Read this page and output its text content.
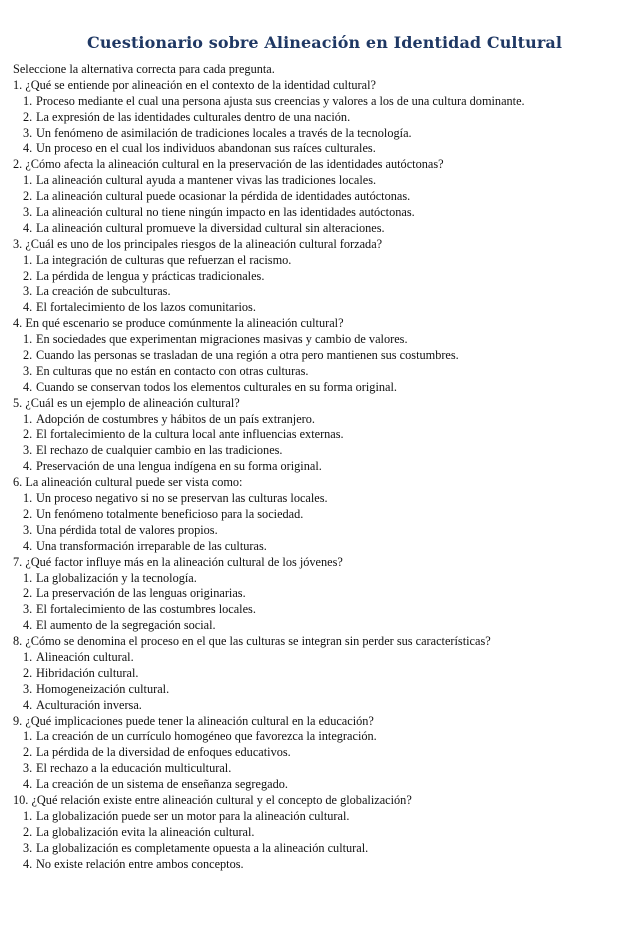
Cuestionario sobre Alineación en Identidad Cultural
Seleccione la alternativa correcta para cada pregunta.
1. ¿Qué se entiende por alineación en el contexto de la identidad cultural?
1. Proceso mediante el cual una persona ajusta sus creencias y valores a los de una cultura dominante.
2. La expresión de las identidades culturales dentro de una nación.
3. Un fenómeno de asimilación de tradiciones locales a través de la tecnología.
4. Un proceso en el cual los individuos abandonan sus raíces culturales.
2. ¿Cómo afecta la alineación cultural en la preservación de las identidades autóctonas?
1. La alineación cultural ayuda a mantener vivas las tradiciones locales.
2. La alineación cultural puede ocasionar la pérdida de identidades autóctonas.
3. La alineación cultural no tiene ningún impacto en las identidades autóctonas.
4. La alineación cultural promueve la diversidad cultural sin alteraciones.
3. ¿Cuál es uno de los principales riesgos de la alineación cultural forzada?
1. La integración de culturas que refuerzan el racismo.
2. La pérdida de lengua y prácticas tradicionales.
3. La creación de subculturas.
4. El fortalecimiento de los lazos comunitarios.
4. En qué escenario se produce comúnmente la alineación cultural?
1. En sociedades que experimentan migraciones masivas y cambio de valores.
2. Cuando las personas se trasladan de una región a otra pero mantienen sus costumbres.
3. En culturas que no están en contacto con otras culturas.
4. Cuando se conservan todos los elementos culturales en su forma original.
5. ¿Cuál es un ejemplo de alineación cultural?
1. Adopción de costumbres y hábitos de un país extranjero.
2. El fortalecimiento de la cultura local ante influencias externas.
3. El rechazo de cualquier cambio en las tradiciones.
4. Preservación de una lengua indígena en su forma original.
6. La alineación cultural puede ser vista como:
1. Un proceso negativo si no se preservan las culturas locales.
2. Un fenómeno totalmente beneficioso para la sociedad.
3. Una pérdida total de valores propios.
4. Una transformación irreparable de las culturas.
7. ¿Qué factor influye más en la alineación cultural de los jóvenes?
1. La globalización y la tecnología.
2. La preservación de las lenguas originarias.
3. El fortalecimiento de las costumbres locales.
4. El aumento de la segregación social.
8. ¿Cómo se denomina el proceso en el que las culturas se integran sin perder sus características?
1. Alineación cultural.
2. Hibridación cultural.
3. Homogeneización cultural.
4. Aculturación inversa.
9. ¿Qué implicaciones puede tener la alineación cultural en la educación?
1. La creación de un currículo homogéneo que favorezca la integración.
2. La pérdida de la diversidad de enfoques educativos.
3. El rechazo a la educación multicultural.
4. La creación de un sistema de enseñanza segregado.
10. ¿Qué relación existe entre alineación cultural y el concepto de globalización?
1. La globalización puede ser un motor para la alineación cultural.
2. La globalización evita la alineación cultural.
3. La globalización es completamente opuesta a la alineación cultural.
4. No existe relación entre ambos conceptos.
